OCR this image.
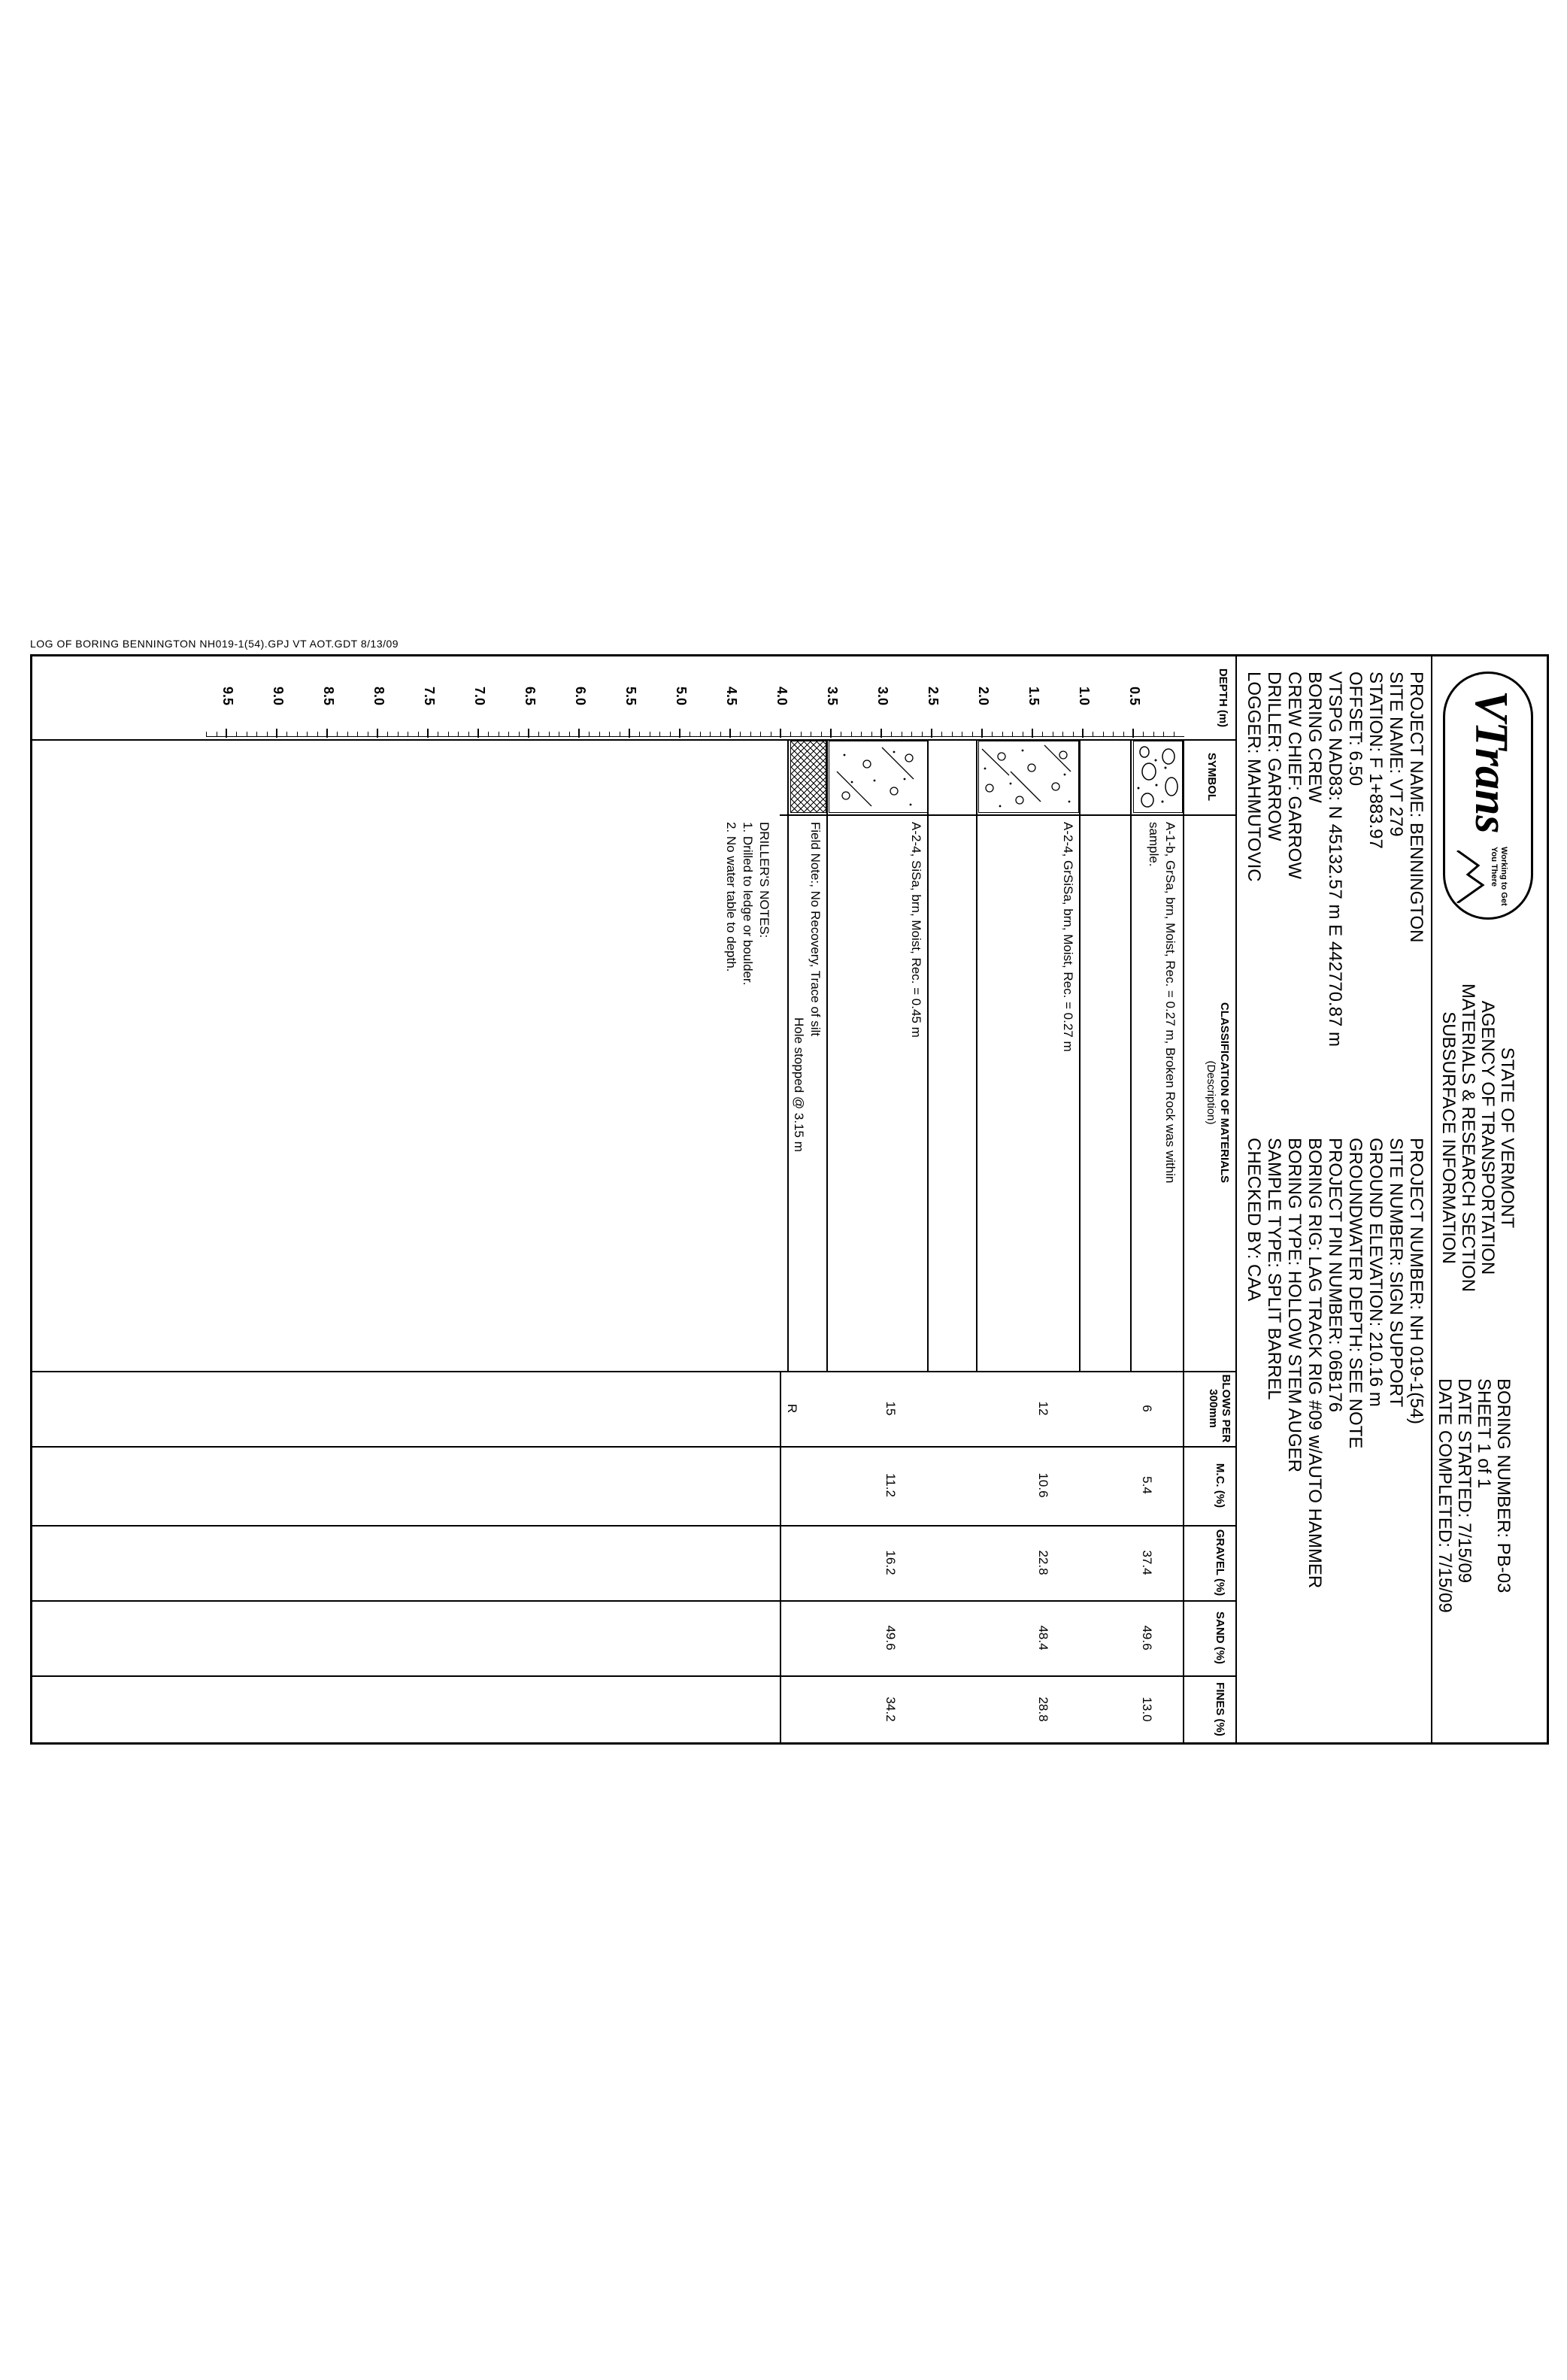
LOG OF BORING BENNINGTON NH019-1(54).GPJ VT AOT.GDT 8/13/09
VTrans
Working to Get You There
STATE OF VERMONT
AGENCY OF TRANSPORTATION
MATERIALS & RESEARCH SECTION
SUBSURFACE INFORMATION
BORING NUMBER: PB-03
SHEET 1 of 1
DATE STARTED: 7/15/09
DATE COMPLETED: 7/15/09
PROJECT NAME: BENNINGTON
SITE NAME: VT 279
STATION: F 1+883.97
OFFSET: 6.50
VTSPG NAD83: N 45132.57 m E 442770.87 m
PROJECT NUMBER: NH 019-1(54)
SITE NUMBER: SIGN SUPPORT
GROUND ELEVATION: 210.16 m
GROUNDWATER DEPTH: SEE NOTE
PROJECT PIN NUMBER: 06B176
BORING CREW
CREW CHIEF: GARROW
DRILLER: GARROW
LOGGER: MAHMUTOVIC
BORING RIG: LAG TRACK RIG #09 w/AUTO HAMMER
BORING TYPE: HOLLOW STEM AUGER
SAMPLE TYPE: SPLIT BARREL
CHECKED BY: CAA
DEPTH (m)
SYMBOL
CLASSIFICATION OF MATERIALS
(Description)
BLOWS PER 300mm
M.C. (%)
GRAVEL (%)
SAND (%)
FINES (%)
0.5
1.0
1.5
2.0
2.5
3.0
3.5
4.0
4.5
5.0
5.5
6.0
6.5
7.0
7.5
8.0
8.5
9.0
9.5
A-1-b, GrSa, brn, Moist, Rec. = 0.27 m, Broken Rock was within
sample.
A-2-4, GrSiSa, brn, Moist, Rec. = 0.27 m
A-2-4, SiSa, brn, Moist, Rec. = 0.45 m
Field Note:, No Recovery, Trace of silt
Hole stopped @ 3.15 m
DRILLER'S NOTES:
1. Drilled to ledge or boulder.
2. No water table to depth.
6
5.4
37.4
49.6
13.0
12
10.6
22.8
48.4
28.8
15
11.2
16.2
49.6
34.2
R
